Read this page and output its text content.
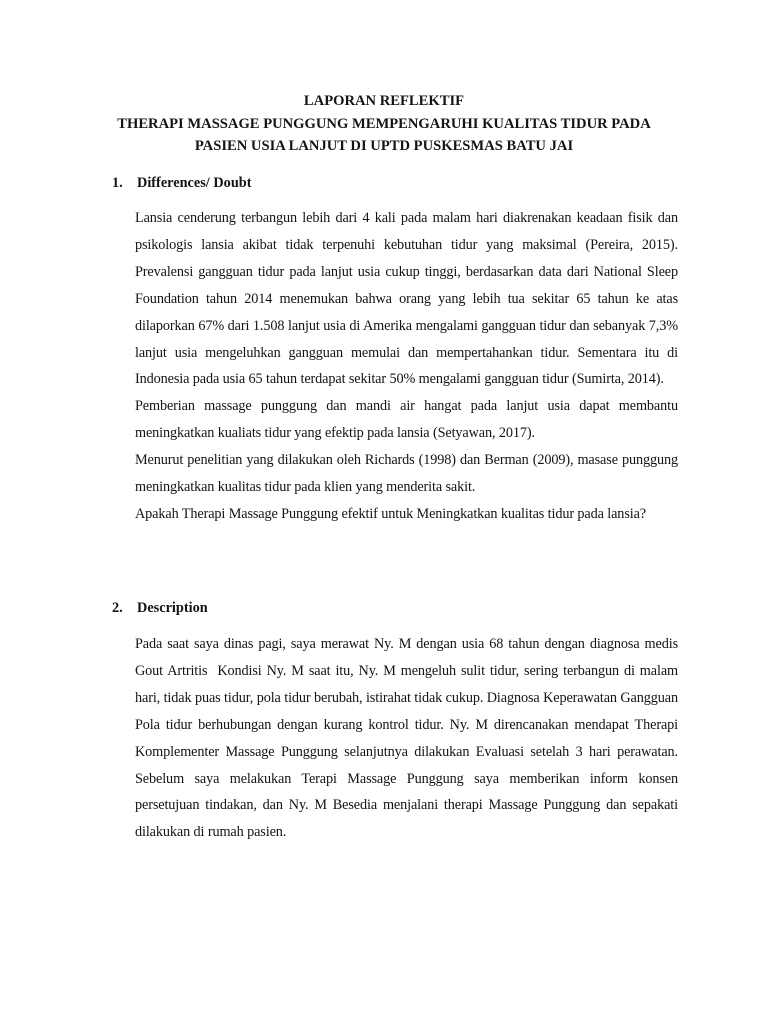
LAPORAN REFLEKTIF
THERAPI MASSAGE PUNGGUNG MEMPENGARUHI KUALITAS TIDUR PADA
PASIEN USIA LANJUT DI UPTD PUSKESMAS BATU JAI
1. Differences/ Doubt

Lansia cenderung terbangun lebih dari 4 kali pada malam hari diakrenakan keadaan fisik dan psikologis lansia akibat tidak terpenuhi kebutuhan tidur yang maksimal (Pereira, 2015). Prevalensi gangguan tidur pada lanjut usia cukup tinggi, berdasarkan data dari National Sleep Foundation tahun 2014 menemukan bahwa orang yang lebih tua sekitar 65 tahun ke atas dilaporkan 67% dari 1.508 lanjut usia di Amerika mengalami gangguan tidur dan sebanyak 7,3% lanjut usia mengeluhkan gangguan memulai dan mempertahankan tidur. Sementara itu di Indonesia pada usia 65 tahun terdapat sekitar 50% mengalami gangguan tidur (Sumirta, 2014).

Pemberian massage punggung dan mandi air hangat pada lanjut usia dapat membantu meningkatkan kualiats tidur yang efektip pada lansia (Setyawan, 2017).

Menurut penelitian yang dilakukan oleh Richards (1998) dan Berman (2009), masase punggung meningkatkan kualitas tidur pada klien yang menderita sakit.

Apakah Therapi Massage Punggung efektif untuk Meningkatkan kualitas tidur pada lansia?

2. Description

Pada saat saya dinas pagi, saya merawat Ny. M dengan usia 68 tahun dengan diagnosa medis Gout Artritis  Kondisi Ny. M saat itu, Ny. M mengeluh sulit tidur, sering terbangun di malam hari, tidak puas tidur, pola tidur berubah, istirahat tidak cukup. Diagnosa Keperawatan Gangguan Pola tidur berhubungan dengan kurang kontrol tidur. Ny. M direncanakan mendapat Therapi Komplementer Massage Punggung selanjutnya dilakukan Evaluasi setelah 3 hari perawatan. Sebelum saya melakukan Terapi Massage Punggung saya memberikan inform konsen persetujuan tindakan, dan Ny. M Besedia menjalani therapi Massage Punggung dan sepakati dilakukan di rumah pasien.
